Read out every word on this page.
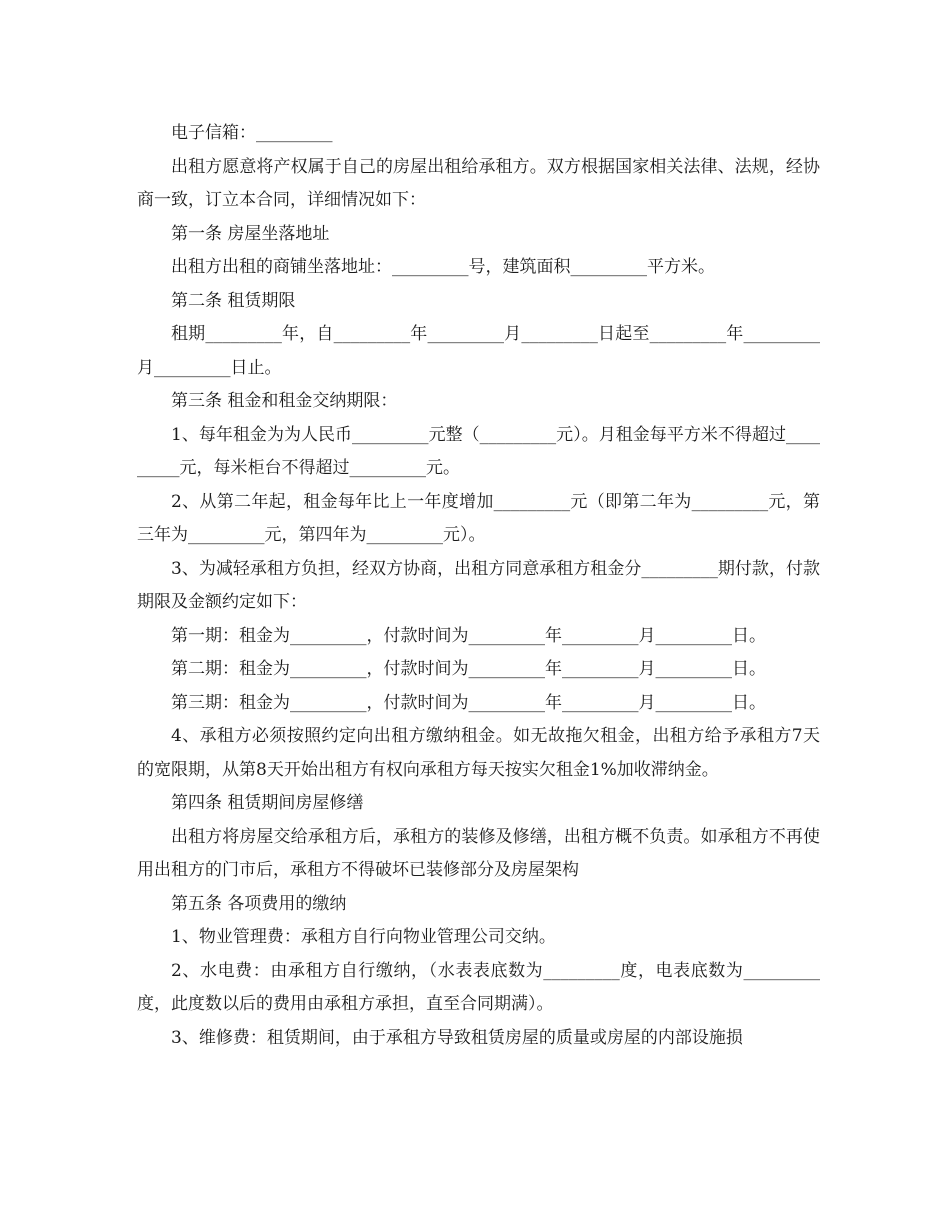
电子信箱：_________

出租方愿意将产权属于自己的房屋出租给承租方。双方根据国家相关法律、法规，经协商一致，订立本合同，详细情况如下：

第一条 房屋坐落地址

出租方出租的商铺坐落地址：_________号，建筑面积_________平方米。

第二条 租赁期限

租期_________年，自_________年_________月_________日起至_________年_________月_________日止。

第三条 租金和租金交纳期限：

1、每年租金为为人民币_________元整（_________元）。月租金每平方米不得超过_________元，每米柜台不得超过_________元。

2、从第二年起，租金每年比上一年度增加_________元（即第二年为_________元，第三年为_________元，第四年为_________元）。

3、为减轻承租方负担，经双方协商，出租方同意承租方租金分_________期付款，付款期限及金额约定如下：

第一期：租金为_________，付款时间为_________年_________月_________日。

第二期：租金为_________，付款时间为_________年_________月_________日。

第三期：租金为_________，付款时间为_________年_________月_________日。

4、承租方必须按照约定向出租方缴纳租金。如无故拖欠租金，出租方给予承租方7天的宽限期，从第8天开始出租方有权向承租方每天按实欠租金1%加收滞纳金。

第四条 租赁期间房屋修缮

出租方将房屋交给承租方后，承租方的装修及修缮，出租方概不负责。如承租方不再使用出租方的门市后，承租方不得破坏已装修部分及房屋架构

第五条 各项费用的缴纳

1、物业管理费：承租方自行向物业管理公司交纳。

2、水电费：由承租方自行缴纳，（水表表底数为_________度，电表底数为_________度，此度数以后的费用由承租方承担，直至合同期满）。

3、维修费：租赁期间，由于承租方导致租赁房屋的质量或房屋的内部设施损
